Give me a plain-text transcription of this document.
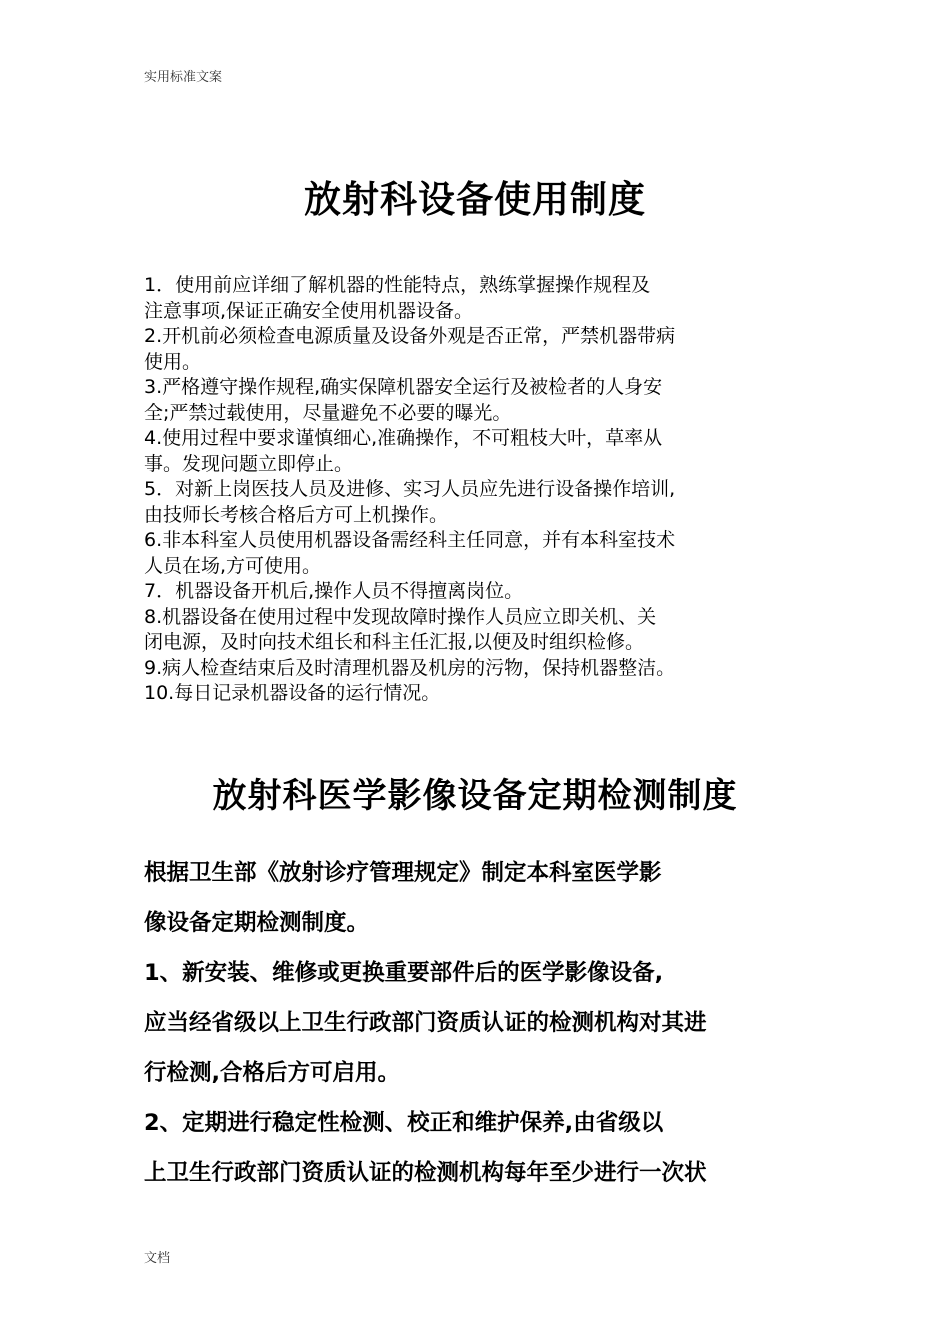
实用标准文案
放射科设备使用制度

1．使用前应详细了解机器的性能特点，熟练掌握操作规程及

注意事项,保证正确安全使用机器设备。

2.开机前必须检查电源质量及设备外观是否正常，严禁机器带病

使用。

3.严格遵守操作规程,确实保障机器安全运行及被检者的人身安

全;严禁过载使用，尽量避免不必要的曝光。

4.使用过程中要求谨慎细心,准确操作，不可粗枝大叶，草率从

事。发现问题立即停止。

5．对新上岗医技人员及进修、实习人员应先进行设备操作培训,

由技师长考核合格后方可上机操作。

6.非本科室人员使用机器设备需经科主任同意，并有本科室技术

人员在场,方可使用。

7．机器设备开机后,操作人员不得擅离岗位。

8.机器设备在使用过程中发现故障时操作人员应立即关机、关

闭电源，及时向技术组长和科主任汇报,以便及时组织检修。

9.病人检查结束后及时清理机器及机房的污物，保持机器整洁。

10.每日记录机器设备的运行情况。

放射科医学影像设备定期检测制度

根据卫生部《放射诊疗管理规定》制定本科室医学影

像设备定期检测制度。

1、新安装、维修或更换重要部件后的医学影像设备,

应当经省级以上卫生行政部门资质认证的检测机构对其进

行检测,合格后方可启用。

2、定期进行稳定性检测、校正和维护保养,由省级以

上卫生行政部门资质认证的检测机构每年至少进行一次状

文档
